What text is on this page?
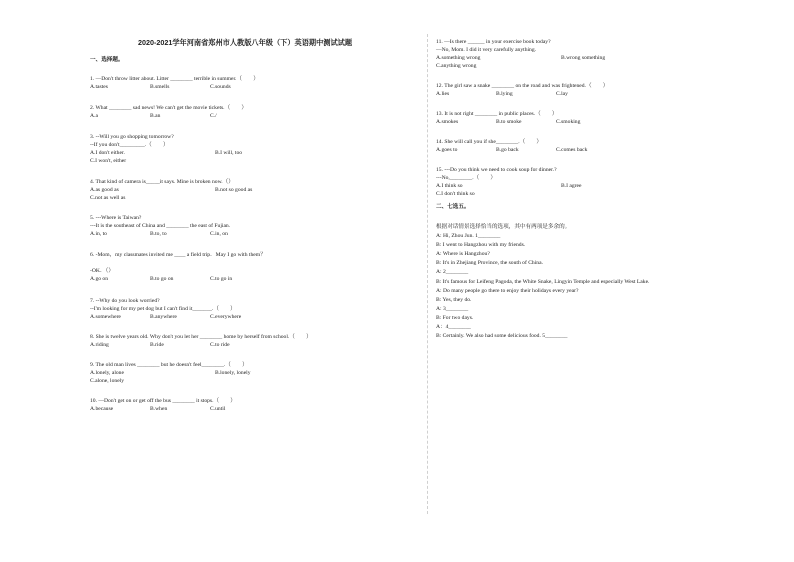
2020-2021学年河南省郑州市人教版八年级（下）英语期中测试试题
一、选择题。
1. —Don't throw litter about. Litter ________ terrible in summer.（　　）
A.tastes	B.smells	C.sounds
2. What ________ sad news! We can't get the movie tickets.（　　）
A.a	B.an	C./
3. --Will you go shopping tomorrow?
--If you don't_________.（　　）
A.I don't either.	B.I will, too
C.I won't, either
4. That kind of camera is_____it says. Mine is broken now.（）
A.as good as	B.not so good as
C.not as well as
5. ---Where is Taiwan?
---It is the southeast of China and ________ the east of Fujian.
A.in, to	B.to, to	C.in, on
6. -Mom，my classmates invited me ____ a field trip．May I go with them？
-OK．（）
A.go on	B.to go on	C.to go in
7. --Why do you look worried?
--I'm looking for my pet dog but I can't find it_______.（　　）
A.somewhere	B.anywhere	C.everywhere
8. She is twelve years old. Why don't you let her ________ home by herself from school.（　　）
A.riding	B.ride	C.to ride
9. The old man lives ________ but he doesn't feel________.（　　）
A.lonely, alone	B.lonely, lonely
C.alone, lonely
10. —Don't get on or get off the bus ________ it stops.（　　）
A.because	B.when	C.until
11. —Is there ______ in your exercise book today?
—No, Mom. I did it very carefully anything.
A.something wrong	B.wrong something
C.anything wrong
12. The girl saw a snake ________ on the road and was frightened.（　　）
A.lies	B.lying	C.lay
13. It is not right ________ in public places.（　　）
A.smokes	B.to smoke	C.smoking
14. She will call you if she________.（　　）
A.goes to	B.go back	C.comes back
15. ---Do you think we need to cook soup for dinner.?
---No,________.（　　）
A.I think so	B.I agree
C.I don't think so
二、七选五。
根据对话情景选择恰当的选项，其中有两项是多余的。
A: Hi, Zhou Jun. 1________
B: I went to Hangzhou with my friends.
A: Where is Hangzhou?
B: It's in Zhejiang Province, the south of China.
A: 2________
B: It's famous for Leifeng Pagoda, the White Snake, Lingyin Temple and especially West Lake.
A: Do many people go there to enjoy their holidays every year?
B: Yes, they do.
A: 3________
B: For two days.
A：4________
B: Certainly. We also had some delicious food. 5________
